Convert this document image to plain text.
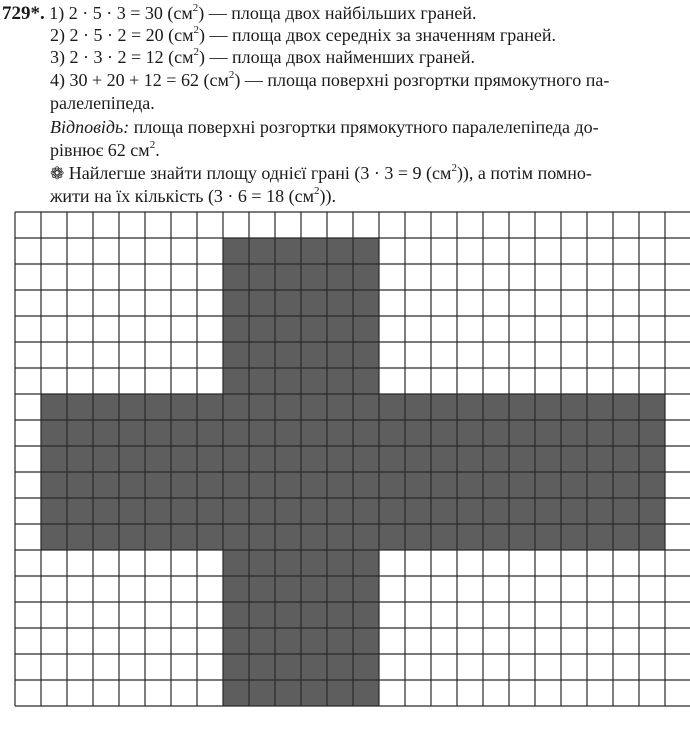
729*. 1) 2 · 5 · 3 = 30 $(см^2)$ — площа двох найбільших граней.
2) 2 · 5 · 2 = 20 $(см^2)$ — площа двох середніх за значенням граней.
3) 2 · 3 · 2 = 12 $(см^2)$ — площа двох найменших граней.
4) 30 + 20 + 12 = 62 $(см^2)$ — площа поверхні розгортки прямокутного па-
ралелепіпеда.
Відповідь: площа поверхні розгортки прямокутного паралелепіпеда до-
рівнює 62 $см^2$.
❁ Найлегше знайти площу однієї грані (3 · 3 = 9 $(см^2)$), а потім помно-
жити на їх кількість (3 · 6 = 18 $(см^2)$).
